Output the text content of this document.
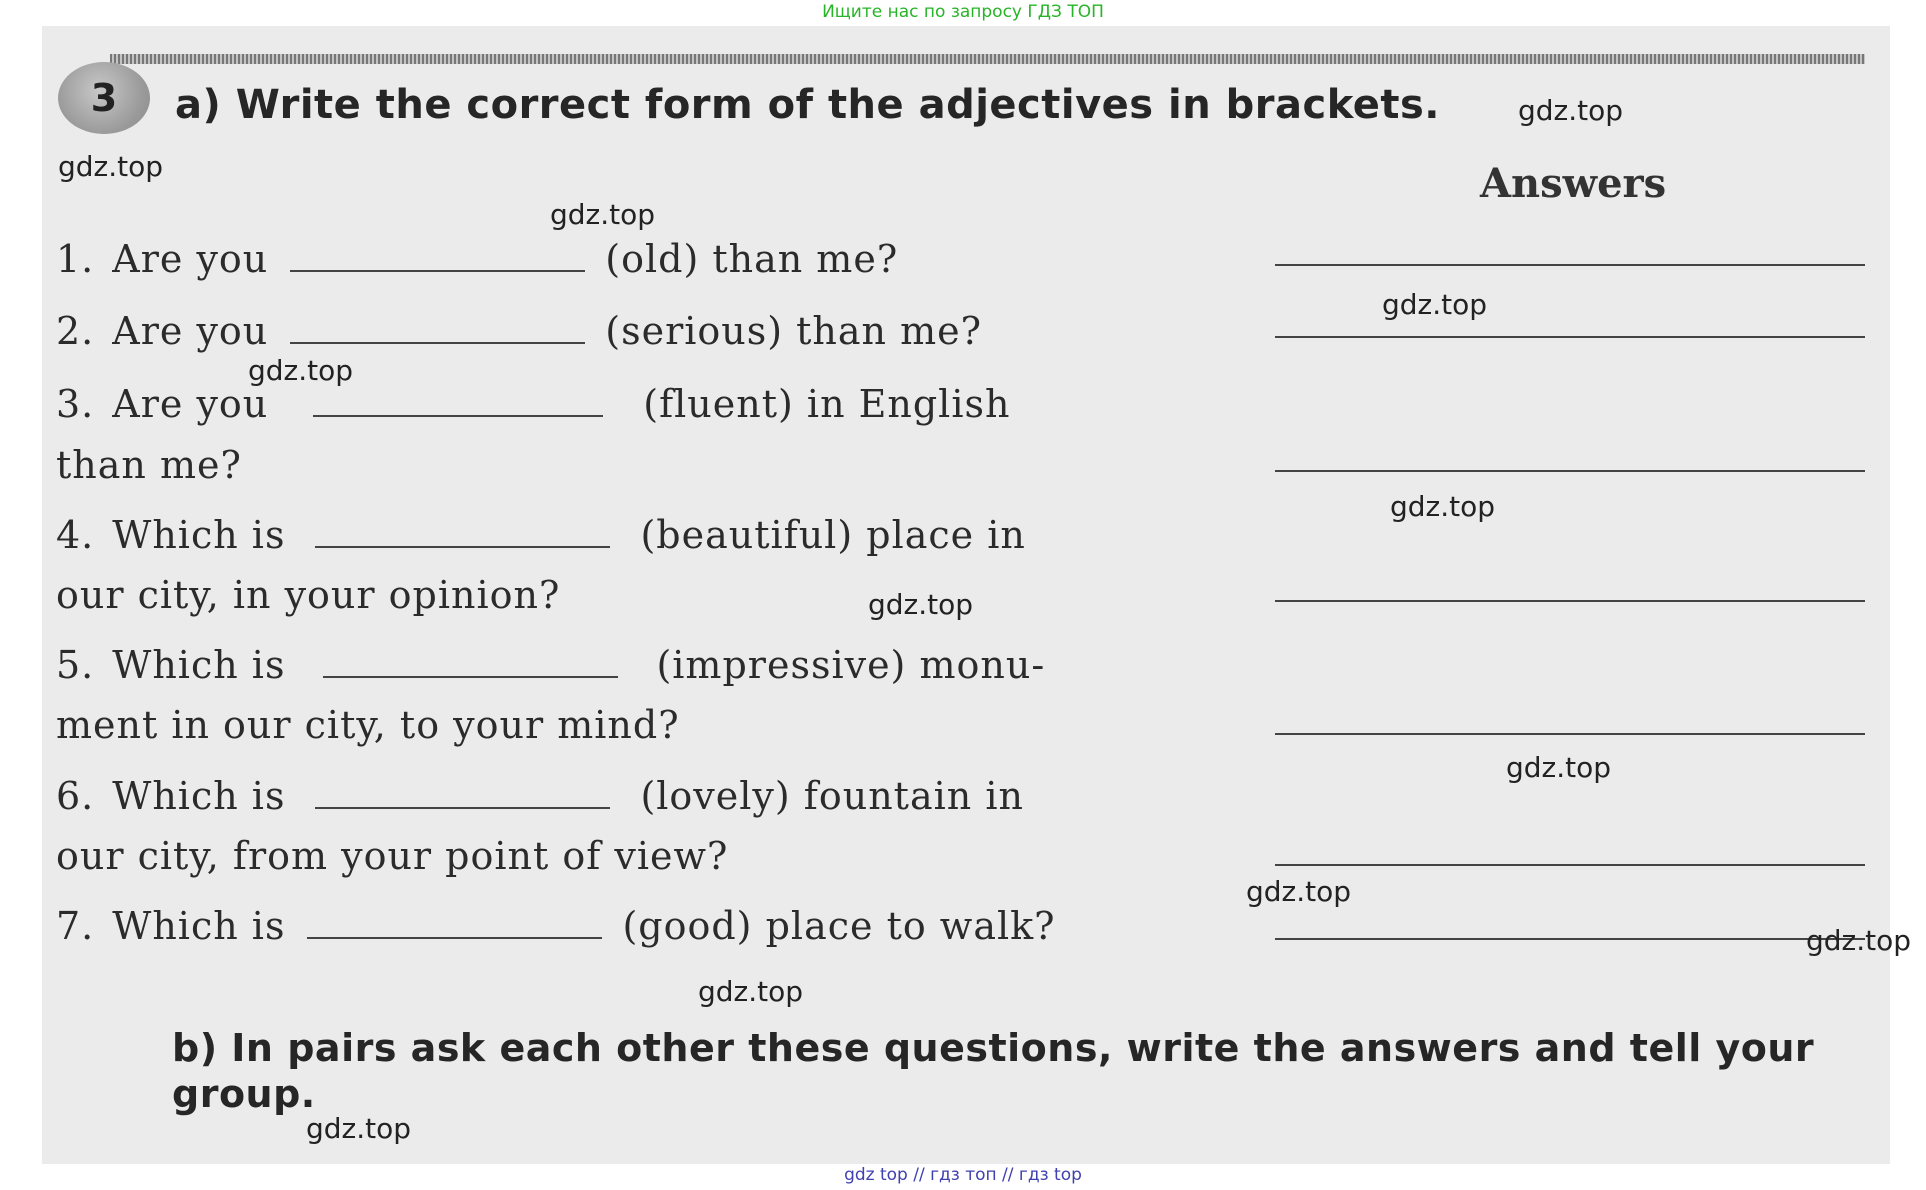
Ищите нас по запросу ГДЗ ТОП
3 a) Write the correct form of the adjectives in brackets.
Answers
1. Are you	(old) than me?
2. Are you	(serious) than me?
3. Are you	(fluent) in English
than me?
4. Which is	(beautiful) place in
our city, in your opinion?
5. Which is	(impressive) monu-
ment in our city, to your mind?
6. Which is	(lovely) fountain in
our city, from your point of view?
7. Which is	(good) place to walk?
b) In pairs ask each other these questions, write the answers and tell your
group.
gdz.top
gdz.top
gdz.top
gdz.top
gdz.top
gdz.top
gdz.top
gdz.top
gdz.top
gdz.top
gdz.top
gdz.top
gdz top // гдз топ // гдз top
